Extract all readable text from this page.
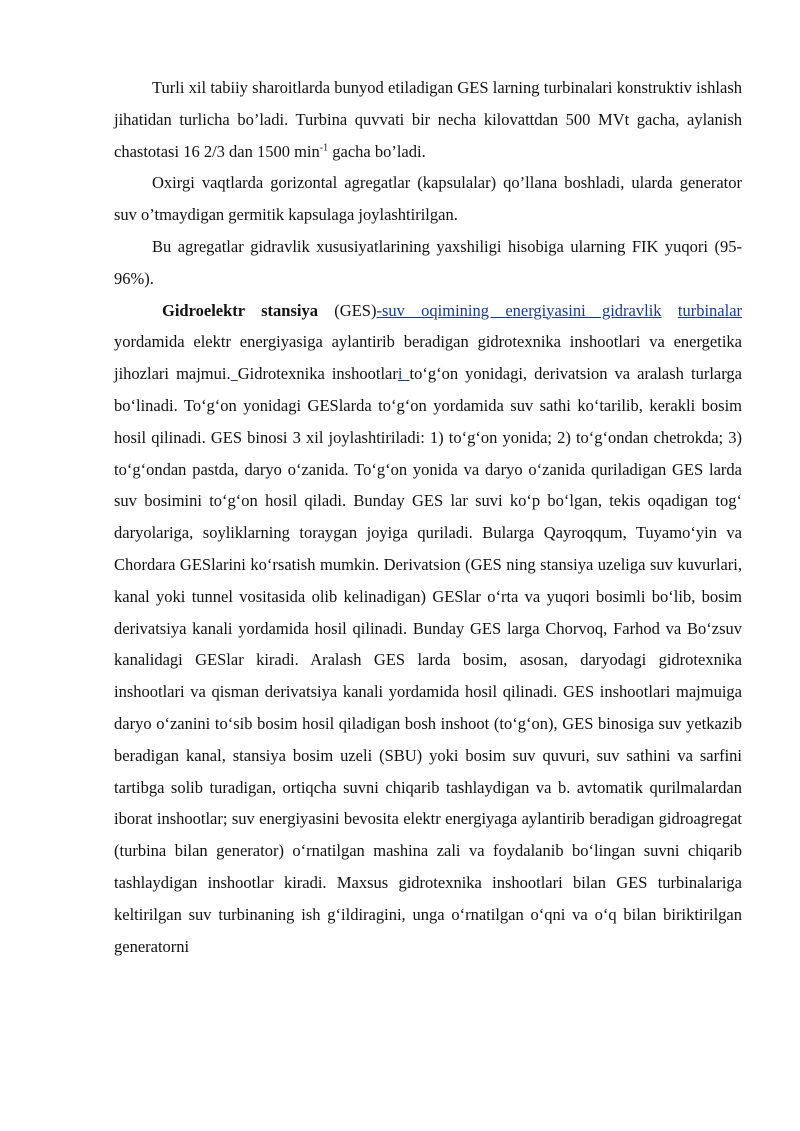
Turli xil tabiiy sharoitlarda bunyod etiladigan GES larning turbinalari konstruktiv ishlash jihatidan turlicha bo’ladi. Turbina quvvati bir necha kilovattdan 500 MVt gacha, aylanish chastotasi 16 2/3 dan 1500 $\min^{-1}$ gacha bo’ladi.

Oxirgi vaqtlarda gorizontal agregatlar (kapsulalar) qo’llana boshladi, ularda generator suv o’tmaydigan germitik kapsulaga joylashtirilgan.

Bu agregatlar gidravlik xususiyatlarining yaxshiligi hisobiga ularning FIK yuqori (95-96%).

Gidroelektr stansiya (GES)-suv oqimining energiyasini gidravlik turbinalar yordamida elektr energiyasiga aylantirib beradigan gidrotexnika inshootlari va energetika jihozlari majmui. Gidrotexnika inshootlari to‘g‘on yonidagi, derivatsion va aralash turlarga bo‘linadi. To‘g‘on yonidagi GESlarda to‘g‘on yordamida suv sathi ko‘tarilib, kerakli bosim hosil qilinadi. GES binosi 3 xil joylashtiriladi: 1) to‘g‘on yonida; 2) to‘g‘ondan chetrokda; 3) to‘g‘ondan pastda, daryo o‘zanida. To‘g‘on yonida va daryo o‘zanida quriladigan GES larda suv bosimini to‘g‘on hosil qiladi. Bunday GES lar suvi ko‘p bo‘lgan, tekis oqadigan tog‘ daryolariga, soyliklarning toraygan joyiga quriladi. Bularga Qayroqqum, Tuyamo‘yin va Chordara GESlarini ko‘rsatish mumkin. Derivatsion (GES ning stansiya uzeliga suv kuvurlari, kanal yoki tunnel vositasida olib kelinadigan) GESlar o‘rta va yuqori bosimli bo‘lib, bosim derivatsiya kanali yordamida hosil qilinadi. Bunday GES larga Chorvoq, Farhod va Bo‘zsuv kanalidagi GESlar kiradi. Aralash GES larda bosim, asosan, daryodagi gidrotexnika inshootlari va qisman derivatsiya kanali yordamida hosil qilinadi. GES inshootlari majmuiga daryo o‘zanini to‘sib bosim hosil qiladigan bosh inshoot (to‘g‘on), GES binosiga suv yetkazib beradigan kanal, stansiya bosim uzeli (SBU) yoki bosim suv quvuri, suv sathini va sarfini tartibga solib turadigan, ortiqcha suvni chiqarib tashlaydigan va b. avtomatik qurilmalardan iborat inshootlar; suv energiyasini bevosita elektr energiyaga aylantirib beradigan gidroagregat (turbina bilan generator) o‘rnatilgan mashina zali va foydalanib bo‘lingan suvni chiqarib tashlaydigan inshootlar kiradi. Maxsus gidrotexnika inshootlari bilan GES turbinalariga keltirilgan suv turbinaning ish g‘ildiragini, unga o‘rnatilgan o‘qni va o‘q bilan biriktirilgan generatorni
